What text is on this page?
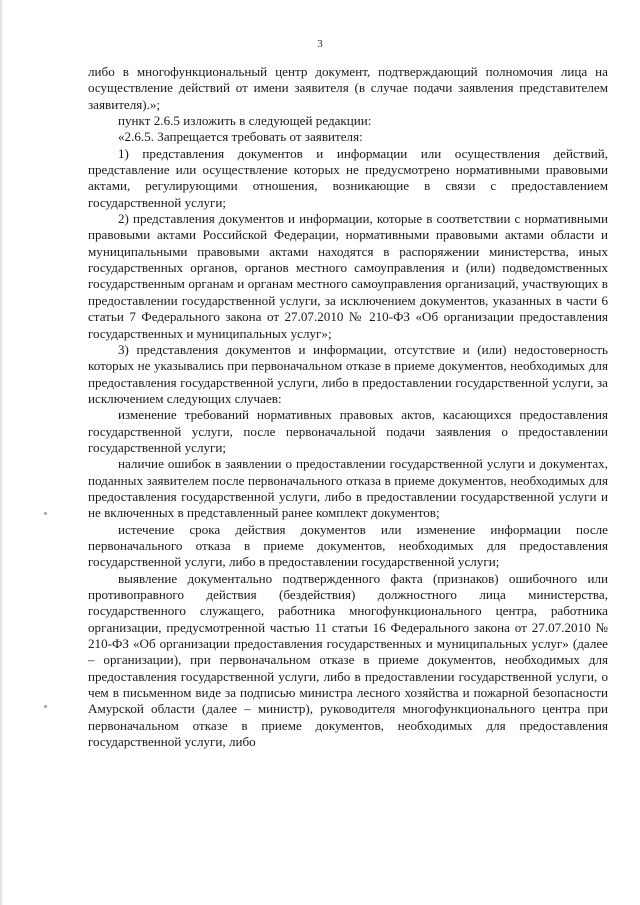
3

либо в многофункциональный центр документ, подтверждающий полномочия лица на осуществление действий от имени заявителя (в случае подачи заявления представителем заявителя).»;

пункт 2.6.5 изложить в следующей редакции:

«2.6.5. Запрещается требовать от заявителя:

1) представления документов и информации или осуществления действий, представление или осуществление которых не предусмотрено нормативными правовыми актами, регулирующими отношения, возникающие в связи с предоставлением государственной услуги;

2) представления документов и информации, которые в соответствии с нормативными правовыми актами Российской Федерации, нормативными правовыми актами области и муниципальными правовыми актами находятся в распоряжении министерства, иных государственных органов, органов местного самоуправления и (или) подведомственных государственным органам и органам местного самоуправления организаций, участвующих в предоставлении государственной услуги, за исключением документов, указанных в части 6 статьи 7 Федерального закона от 27.07.2010 № 210-ФЗ «Об организации предоставления государственных и муниципальных услуг»;

3) представления документов и информации, отсутствие и (или) недостоверность которых не указывались при первоначальном отказе в приеме документов, необходимых для предоставления государственной услуги, либо в предоставлении государственной услуги, за исключением следующих случаев:

изменение требований нормативных правовых актов, касающихся предоставления государственной услуги, после первоначальной подачи заявления о предоставлении государственной услуги;

наличие ошибок в заявлении о предоставлении государственной услуги и документах, поданных заявителем после первоначального отказа в приеме документов, необходимых для предоставления государственной услуги, либо в предоставлении государственной услуги и не включенных в представленный ранее комплект документов;

истечение срока действия документов или изменение информации после первоначального отказа в приеме документов, необходимых для предоставления государственной услуги, либо в предоставлении государственной услуги;

выявление документально подтвержденного факта (признаков) ошибочного или противоправного действия (бездействия) должностного лица министерства, государственного служащего, работника многофункционального центра, работника организации, предусмотренной частью 11 статьи 16 Федерального закона от 27.07.2010 № 210-ФЗ «Об организации предоставления государственных и муниципальных услуг» (далее – организации), при первоначальном отказе в приеме документов, необходимых для предоставления государственной услуги, либо в предоставлении государственной услуги, о чем в письменном виде за подписью министра лесного хозяйства и пожарной безопасности Амурской области (далее – министр), руководителя многофункционального центра при первоначальном отказе в приеме документов, необходимых для предоставления государственной услуги, либо
